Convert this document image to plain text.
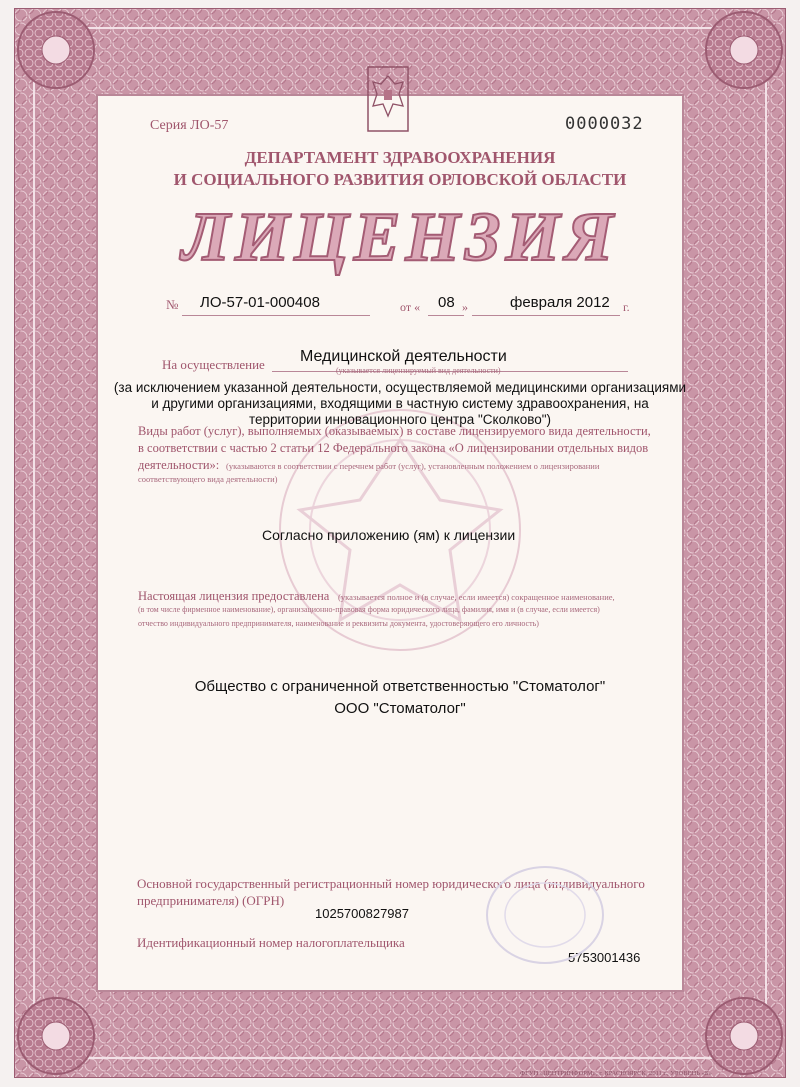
Серия ЛО-57	0000032
ДЕПАРТАМЕНТ ЗДРАВООХРАНЕНИЯ
И СОЦИАЛЬНОГО РАЗВИТИЯ ОРЛОВСКОЙ ОБЛАСТИ
ЛИЦЕНЗИЯ
№ ЛО-57-01-000408	от « 08 »	февраля 2012 г.
На осуществление Медицинской деятельности
(указывается лицензируемый вид деятельности)
(за исключением указанной деятельности, осуществляемой медицинскими организациями
и другими организациями, входящими в частную систему здравоохранения, на
территории инновационного центра "Сколково")
Виды работ (услуг), выполняемых (оказываемых) в составе лицензируемого вида деятельности,
в соответствии с частью 2 статьи 12 Федерального закона «О лицензировании отдельных видов
деятельности»: (указываются в соответствии с перечнем работ (услуг), установленным положением о лицензировании
соответствующего вида деятельности)
Согласно приложению (ям) к лицензии
Настоящая лицензия предоставлена (указывается полное и (в случае, если имеется) сокращенное наименование,
(в том числе фирменное наименование), организационно-правовая форма юридического лица, фамилия, имя и (в случае, если имеется)
отчество индивидуального предпринимателя, наименование и реквизиты документа, удостоверяющего его личность)
Общество с ограниченной ответственностью "Стоматолог"
ООО "Стоматолог"
Основной государственный регистрационный номер юридического лица (индивидуального
предпринимателя) (ОГРН)
1025700827987
Идентификационный номер налогоплательщика
5753001436
ФГУП «ЦЕНТРИНФОРМ», г. КРАСНОЯРСК, 2011 г., УРОВЕНЬ «Б»
